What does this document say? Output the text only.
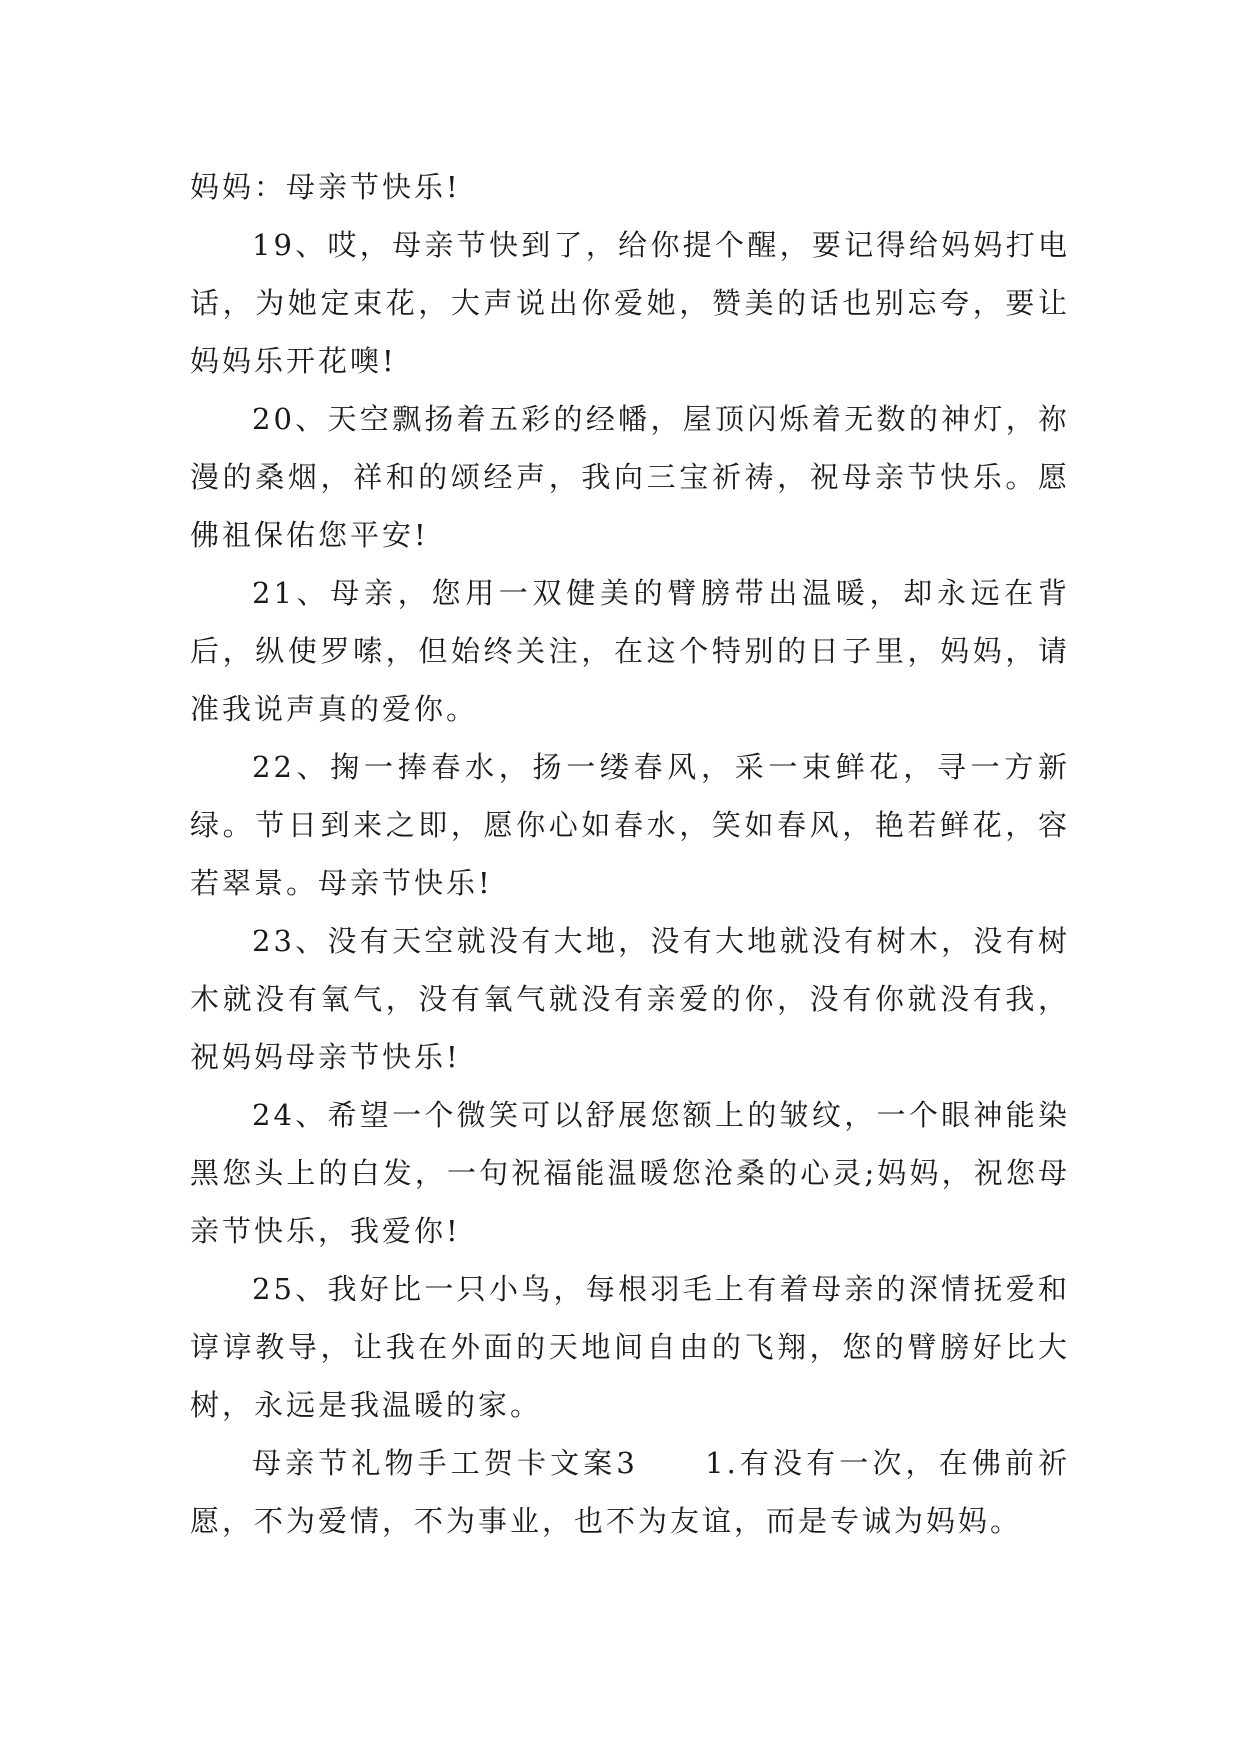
妈妈：母亲节快乐!

19、哎，母亲节快到了，给你提个醒，要记得给妈妈打电话，为她定束花，大声说出你爱她，赞美的话也别忘夸，要让妈妈乐开花噢!

20、天空飘扬着五彩的经幡，屋顶闪烁着无数的神灯，祢漫的桑烟，祥和的颂经声，我向三宝祈祷，祝母亲节快乐。愿佛祖保佑您平安!

21、母亲，您用一双健美的臂膀带出温暖，却永远在背后，纵使罗嗦，但始终关注，在这个特别的日子里，妈妈，请准我说声真的爱你。

22、掬一捧春水，扬一缕春风，采一束鲜花，寻一方新绿。节日到来之即，愿你心如春水，笑如春风，艳若鲜花，容若翠景。母亲节快乐!

23、没有天空就没有大地，没有大地就没有树木，没有树木就没有氧气，没有氧气就没有亲爱的你，没有你就没有我，祝妈妈母亲节快乐!

24、希望一个微笑可以舒展您额上的皱纹，一个眼神能染黑您头上的白发，一句祝福能温暖您沧桑的心灵;妈妈，祝您母亲节快乐，我爱你!

25、我好比一只小鸟，每根羽毛上有着母亲的深情抚爱和谆谆教导，让我在外面的天地间自由的飞翔，您的臂膀好比大树，永远是我温暖的家。

母亲节礼物手工贺卡文案3　　1.有没有一次，在佛前祈愿，不为爱情，不为事业，也不为友谊，而是专诚为妈妈。
